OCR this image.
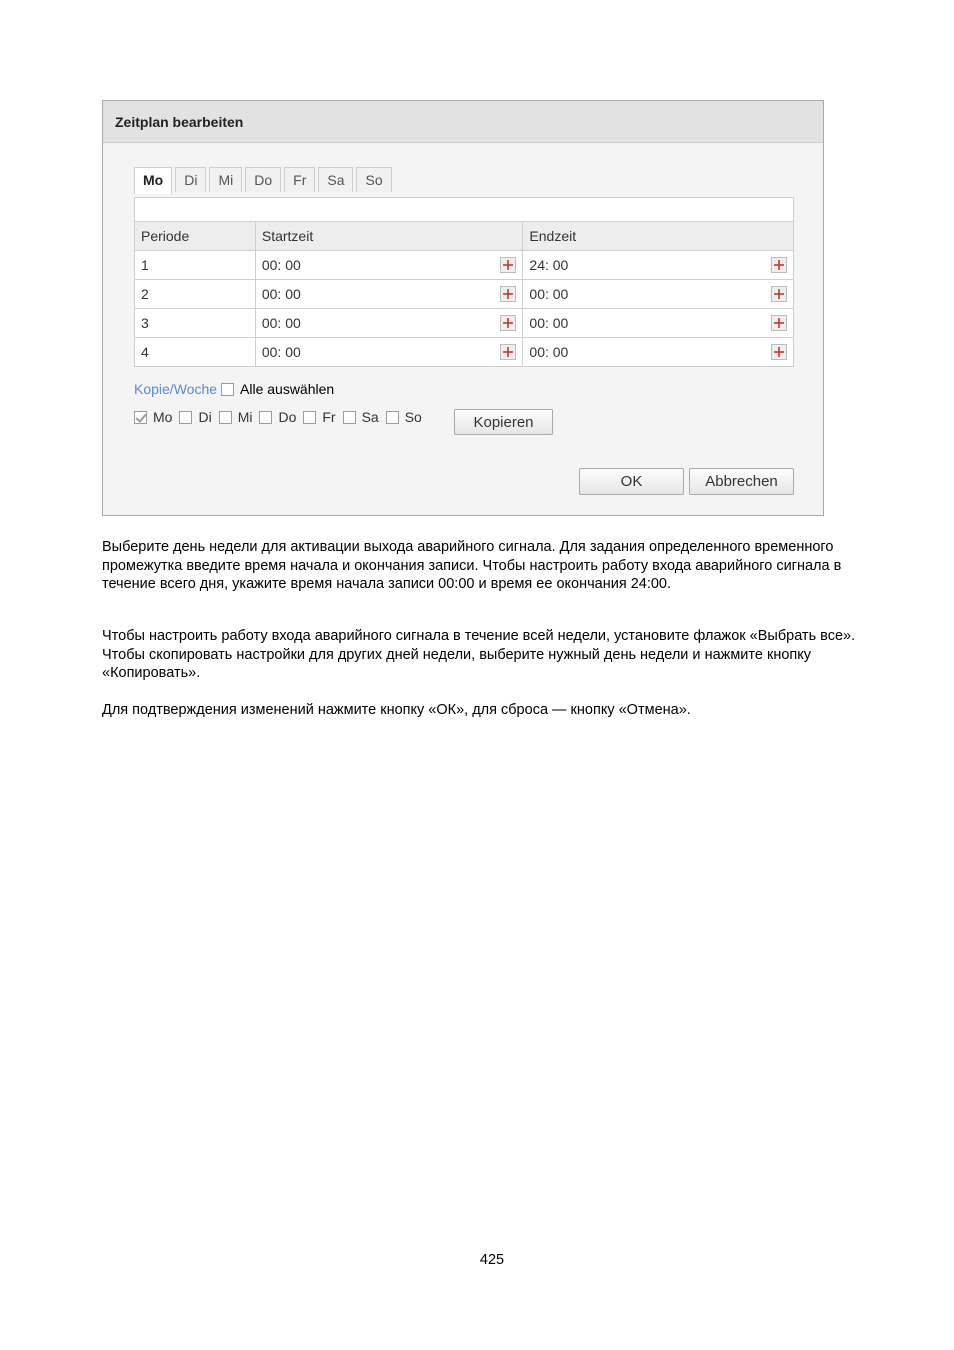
Zeitplan bearbeiten
Mo	Di	Mi	Do	Fr	Sa	So
Periode	Startzeit	Endzeit
1	00: 00	24: 00

2	00: 00	00: 00

3	00: 00	00: 00

4	00: 00	00: 00
Kopie/Woche Alle auswählen
Mo Di Mi Do Fr Sa So	Kopieren
OK	Abbrechen

Выберите день недели для активации выхода аварийного сигнала. Для задания определенного временного промежутка введите время начала и окончания записи. Чтобы настроить работу входа аварийного сигнала в течение всего дня, укажите время начала записи 00:00 и время ее окончания 24:00.

Чтобы настроить работу входа аварийного сигнала в течение всей недели, установите флажок «Выбрать все». Чтобы скопировать настройки для других дней недели, выберите нужный день недели и нажмите кнопку «Копировать».

Для подтверждения изменений нажмите кнопку «ОК», для сброса — кнопку «Отмена».

425
